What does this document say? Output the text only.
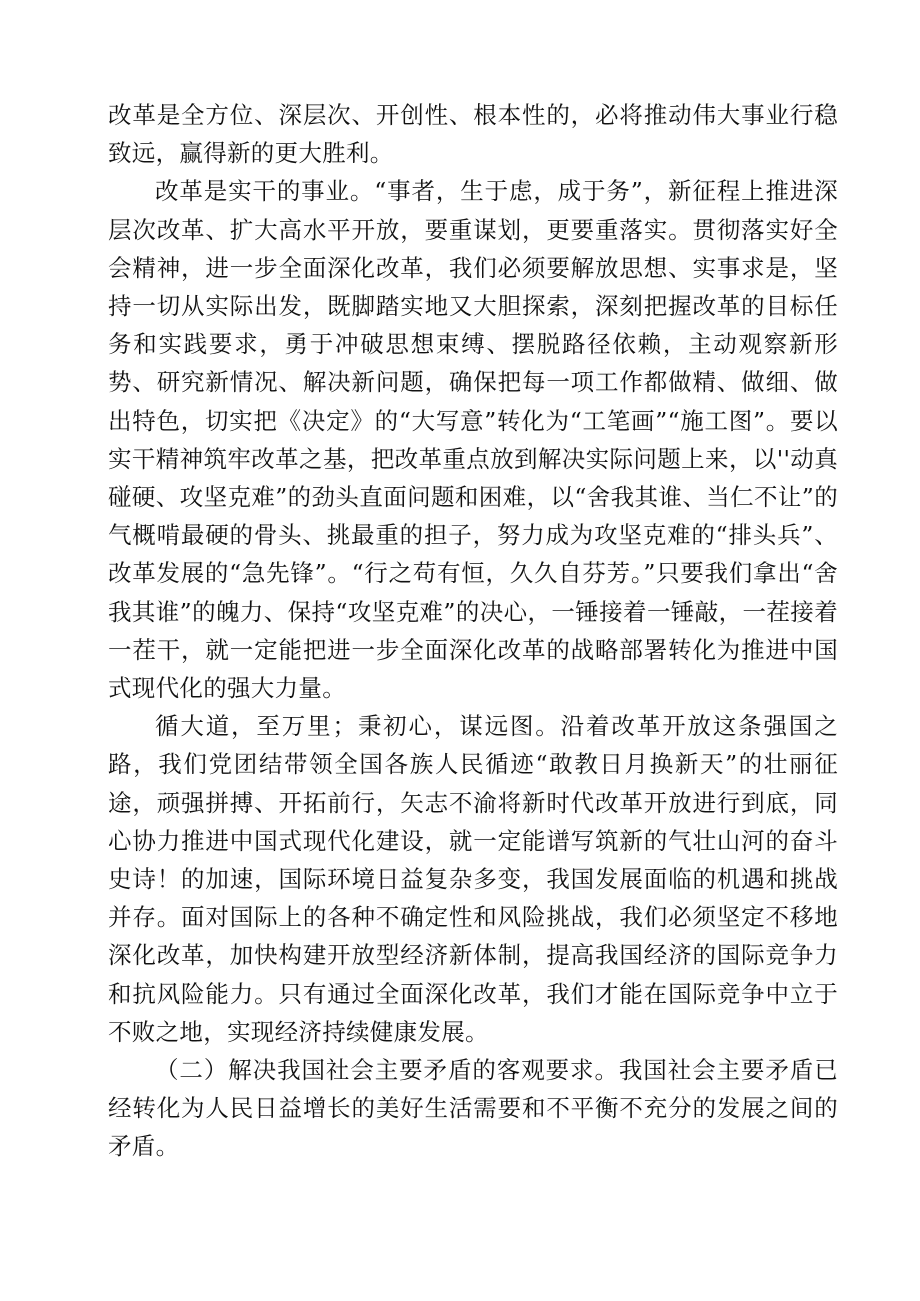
改革是全方位、深层次、开创性、根本性的，必将推动伟大事业行稳致远，赢得新的更大胜利。

改革是实干的事业。“事者，生于虑，成于务”，新征程上推进深层次改革、扩大高水平开放，要重谋划，更要重落实。贯彻落实好全会精神，进一步全面深化改革，我们必须要解放思想、实事求是，坚持一切从实际出发，既脚踏实地又大胆探索，深刻把握改革的目标任务和实践要求，勇于冲破思想束缚、摆脱路径依赖，主动观察新形势、研究新情况、解决新问题，确保把每一项工作都做精、做细、做出特色，切实把《决定》的“大写意”转化为“工笔画”“施工图”。要以实干精神筑牢改革之基，把改革重点放到解决实际问题上来，以''动真碰硬、攻坚克难”的劲头直面问题和困难，以“舍我其谁、当仁不让”的气概啃最硬的骨头、挑最重的担子，努力成为攻坚克难的“排头兵”、改革发展的“急先锋”。“行之苟有恒，久久自芬芳。”只要我们拿出“舍我其谁”的魄力、保持“攻坚克难”的决心，一锤接着一锤敲，一茬接着一茬干，就一定能把进一步全面深化改革的战略部署转化为推进中国式现代化的强大力量。

循大道，至万里；秉初心，谋远图。沿着改革开放这条强国之路，我们党团结带领全国各族人民循迹“敢教日月换新天”的壮丽征途，顽强拼搏、开拓前行，矢志不渝将新时代改革开放进行到底，同心协力推进中国式现代化建设，就一定能谱写筑新的气壮山河的奋斗史诗！的加速，国际环境日益复杂多变，我国发展面临的机遇和挑战并存。面对国际上的各种不确定性和风险挑战，我们必须坚定不移地深化改革，加快构建开放型经济新体制，提高我国经济的国际竞争力和抗风险能力。只有通过全面深化改革，我们才能在国际竞争中立于不败之地，实现经济持续健康发展。

（二）解决我国社会主要矛盾的客观要求。我国社会主要矛盾已经转化为人民日益增长的美好生活需要和不平衡不充分的发展之间的矛盾。
